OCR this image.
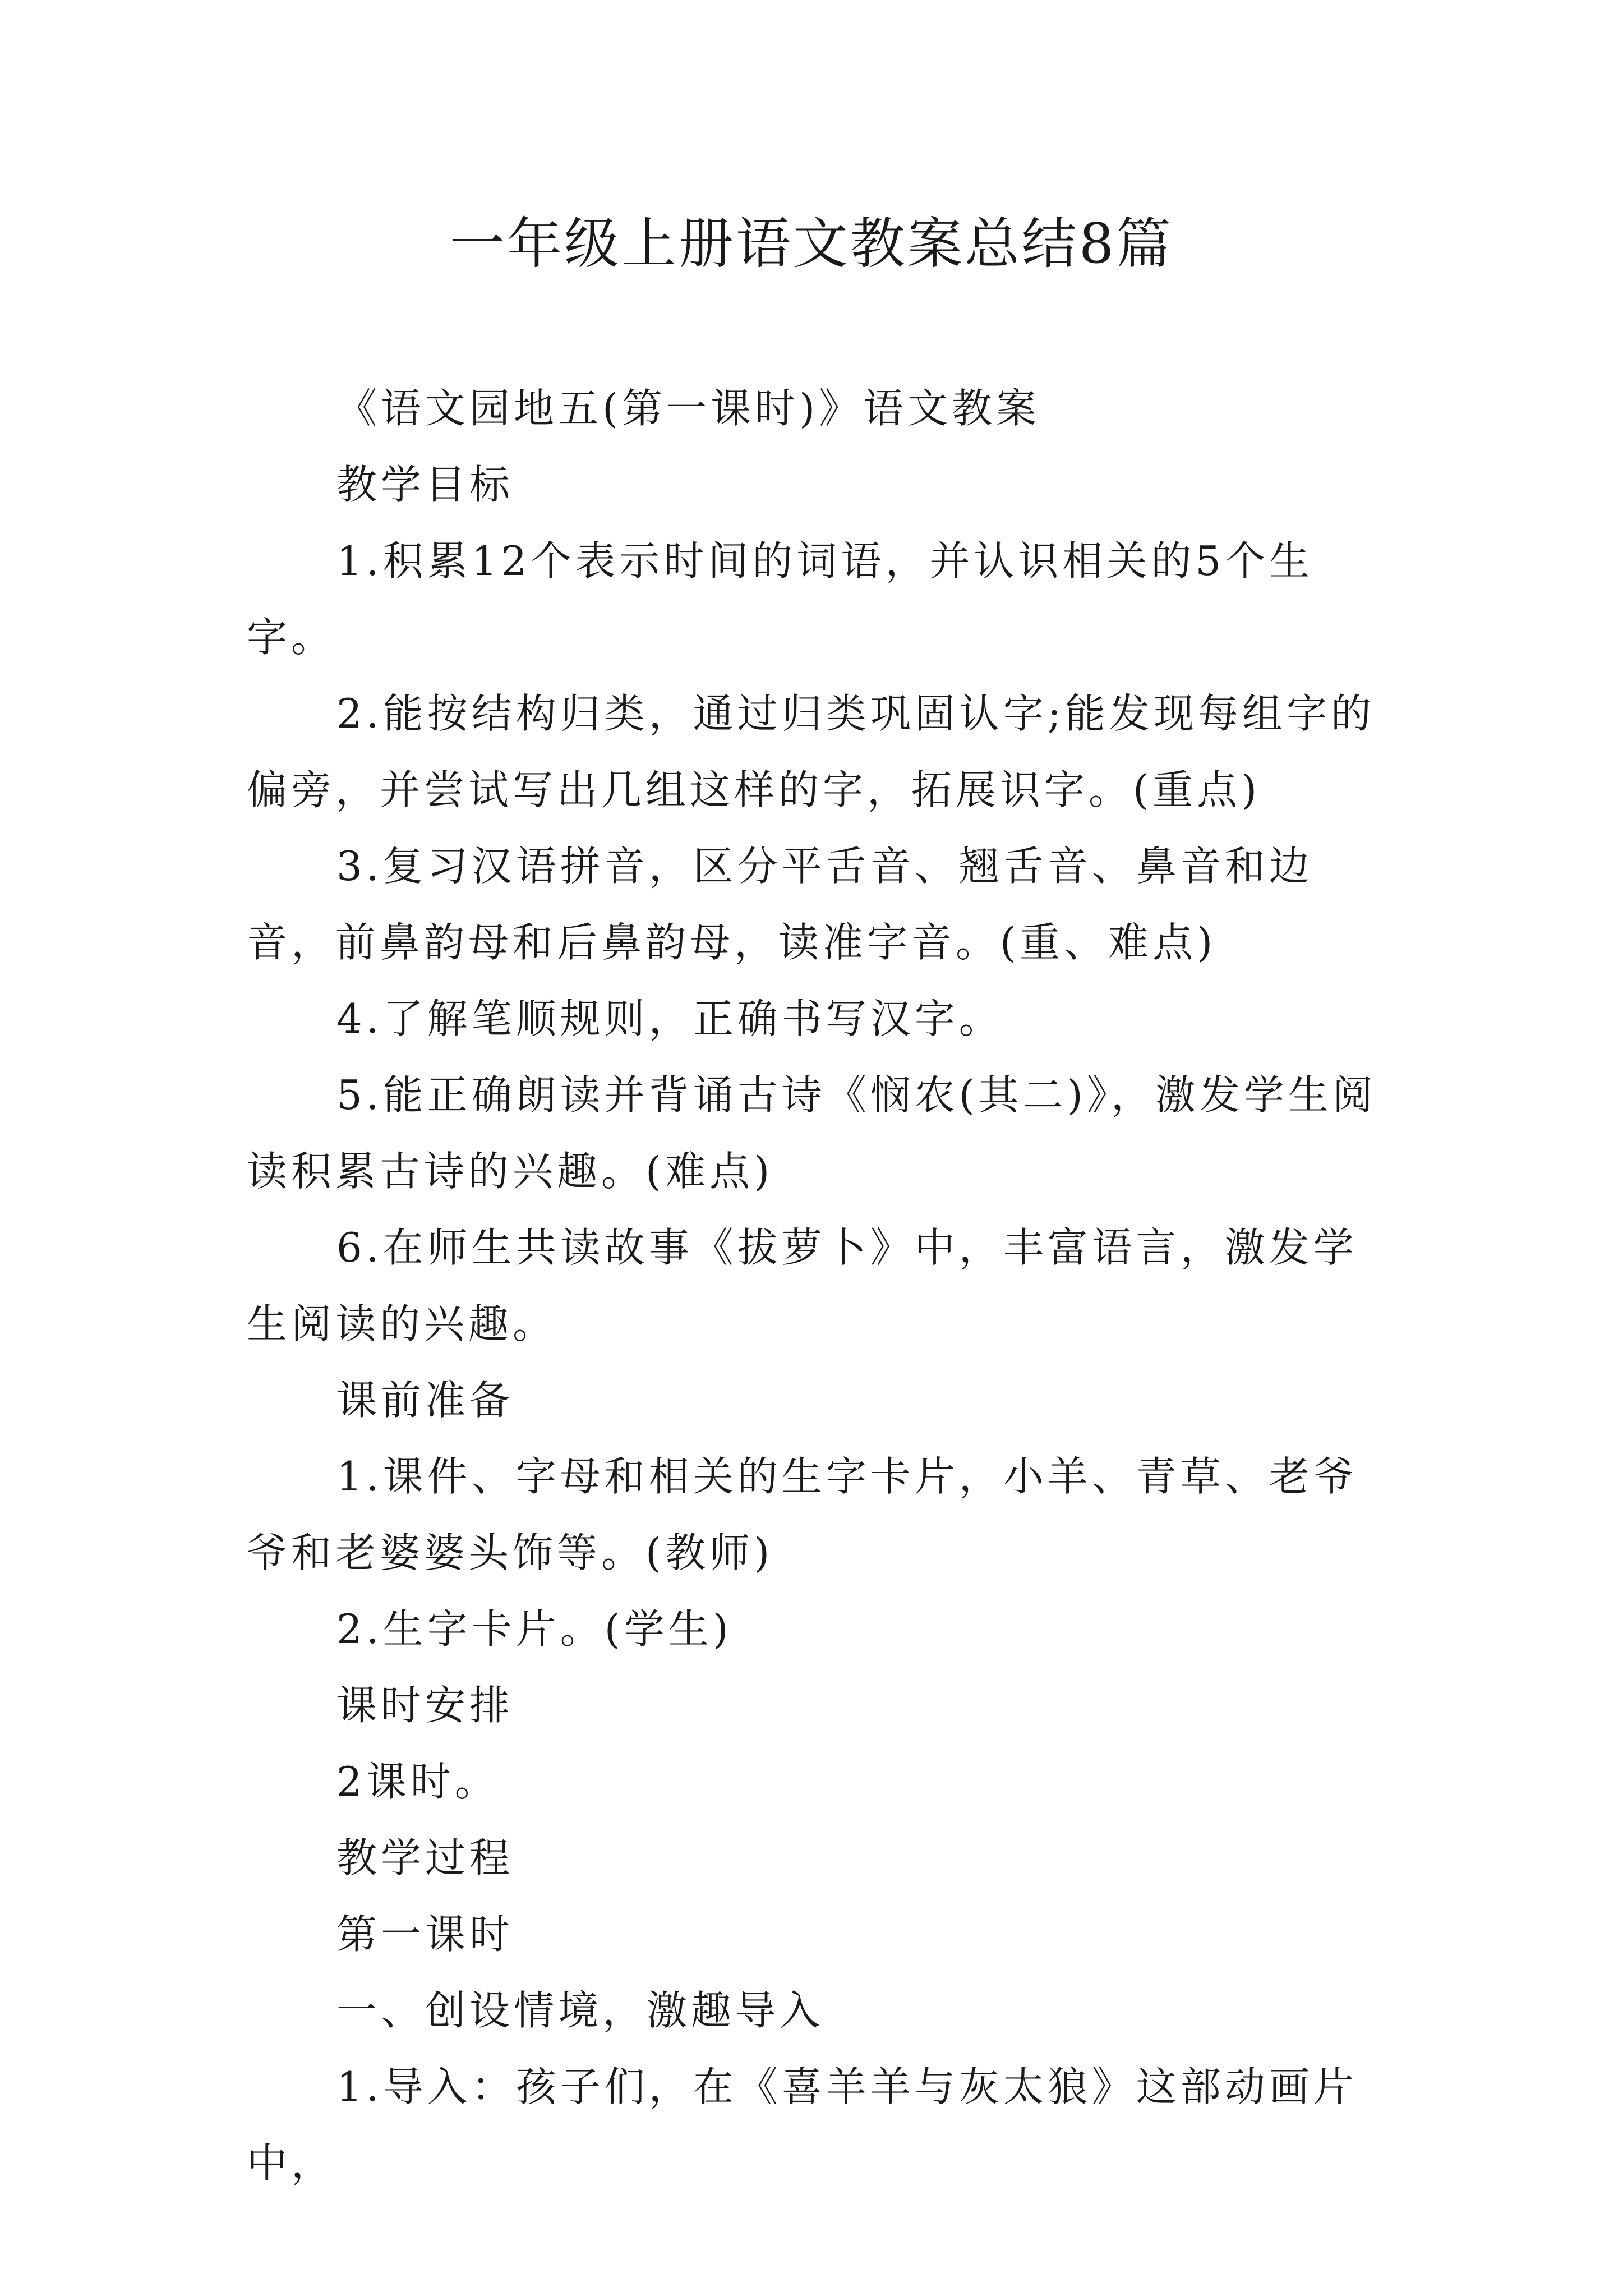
一年级上册语文教案总结8篇

《语文园地五(第一课时)》语文教案

教学目标

1.积累12个表示时间的词语，并认识相关的5个生字。

2.能按结构归类，通过归类巩固认字;能发现每组字的偏旁，并尝试写出几组这样的字，拓展识字。(重点)

3.复习汉语拼音，区分平舌音、翘舌音、鼻音和边音，前鼻韵母和后鼻韵母，读准字音。(重、难点)

4.了解笔顺规则，正确书写汉字。

5.能正确朗读并背诵古诗《悯农(其二)》，激发学生阅读积累古诗的兴趣。(难点)

6.在师生共读故事《拔萝卜》中，丰富语言，激发学生阅读的兴趣。

课前准备

1.课件、字母和相关的生字卡片，小羊、青草、老爷爷和老婆婆头饰等。(教师)

2.生字卡片。(学生)

课时安排

2课时。

教学过程

第一课时

一、创设情境，激趣导入

1.导入：孩子们，在《喜羊羊与灰太狼》这部动画片中，
